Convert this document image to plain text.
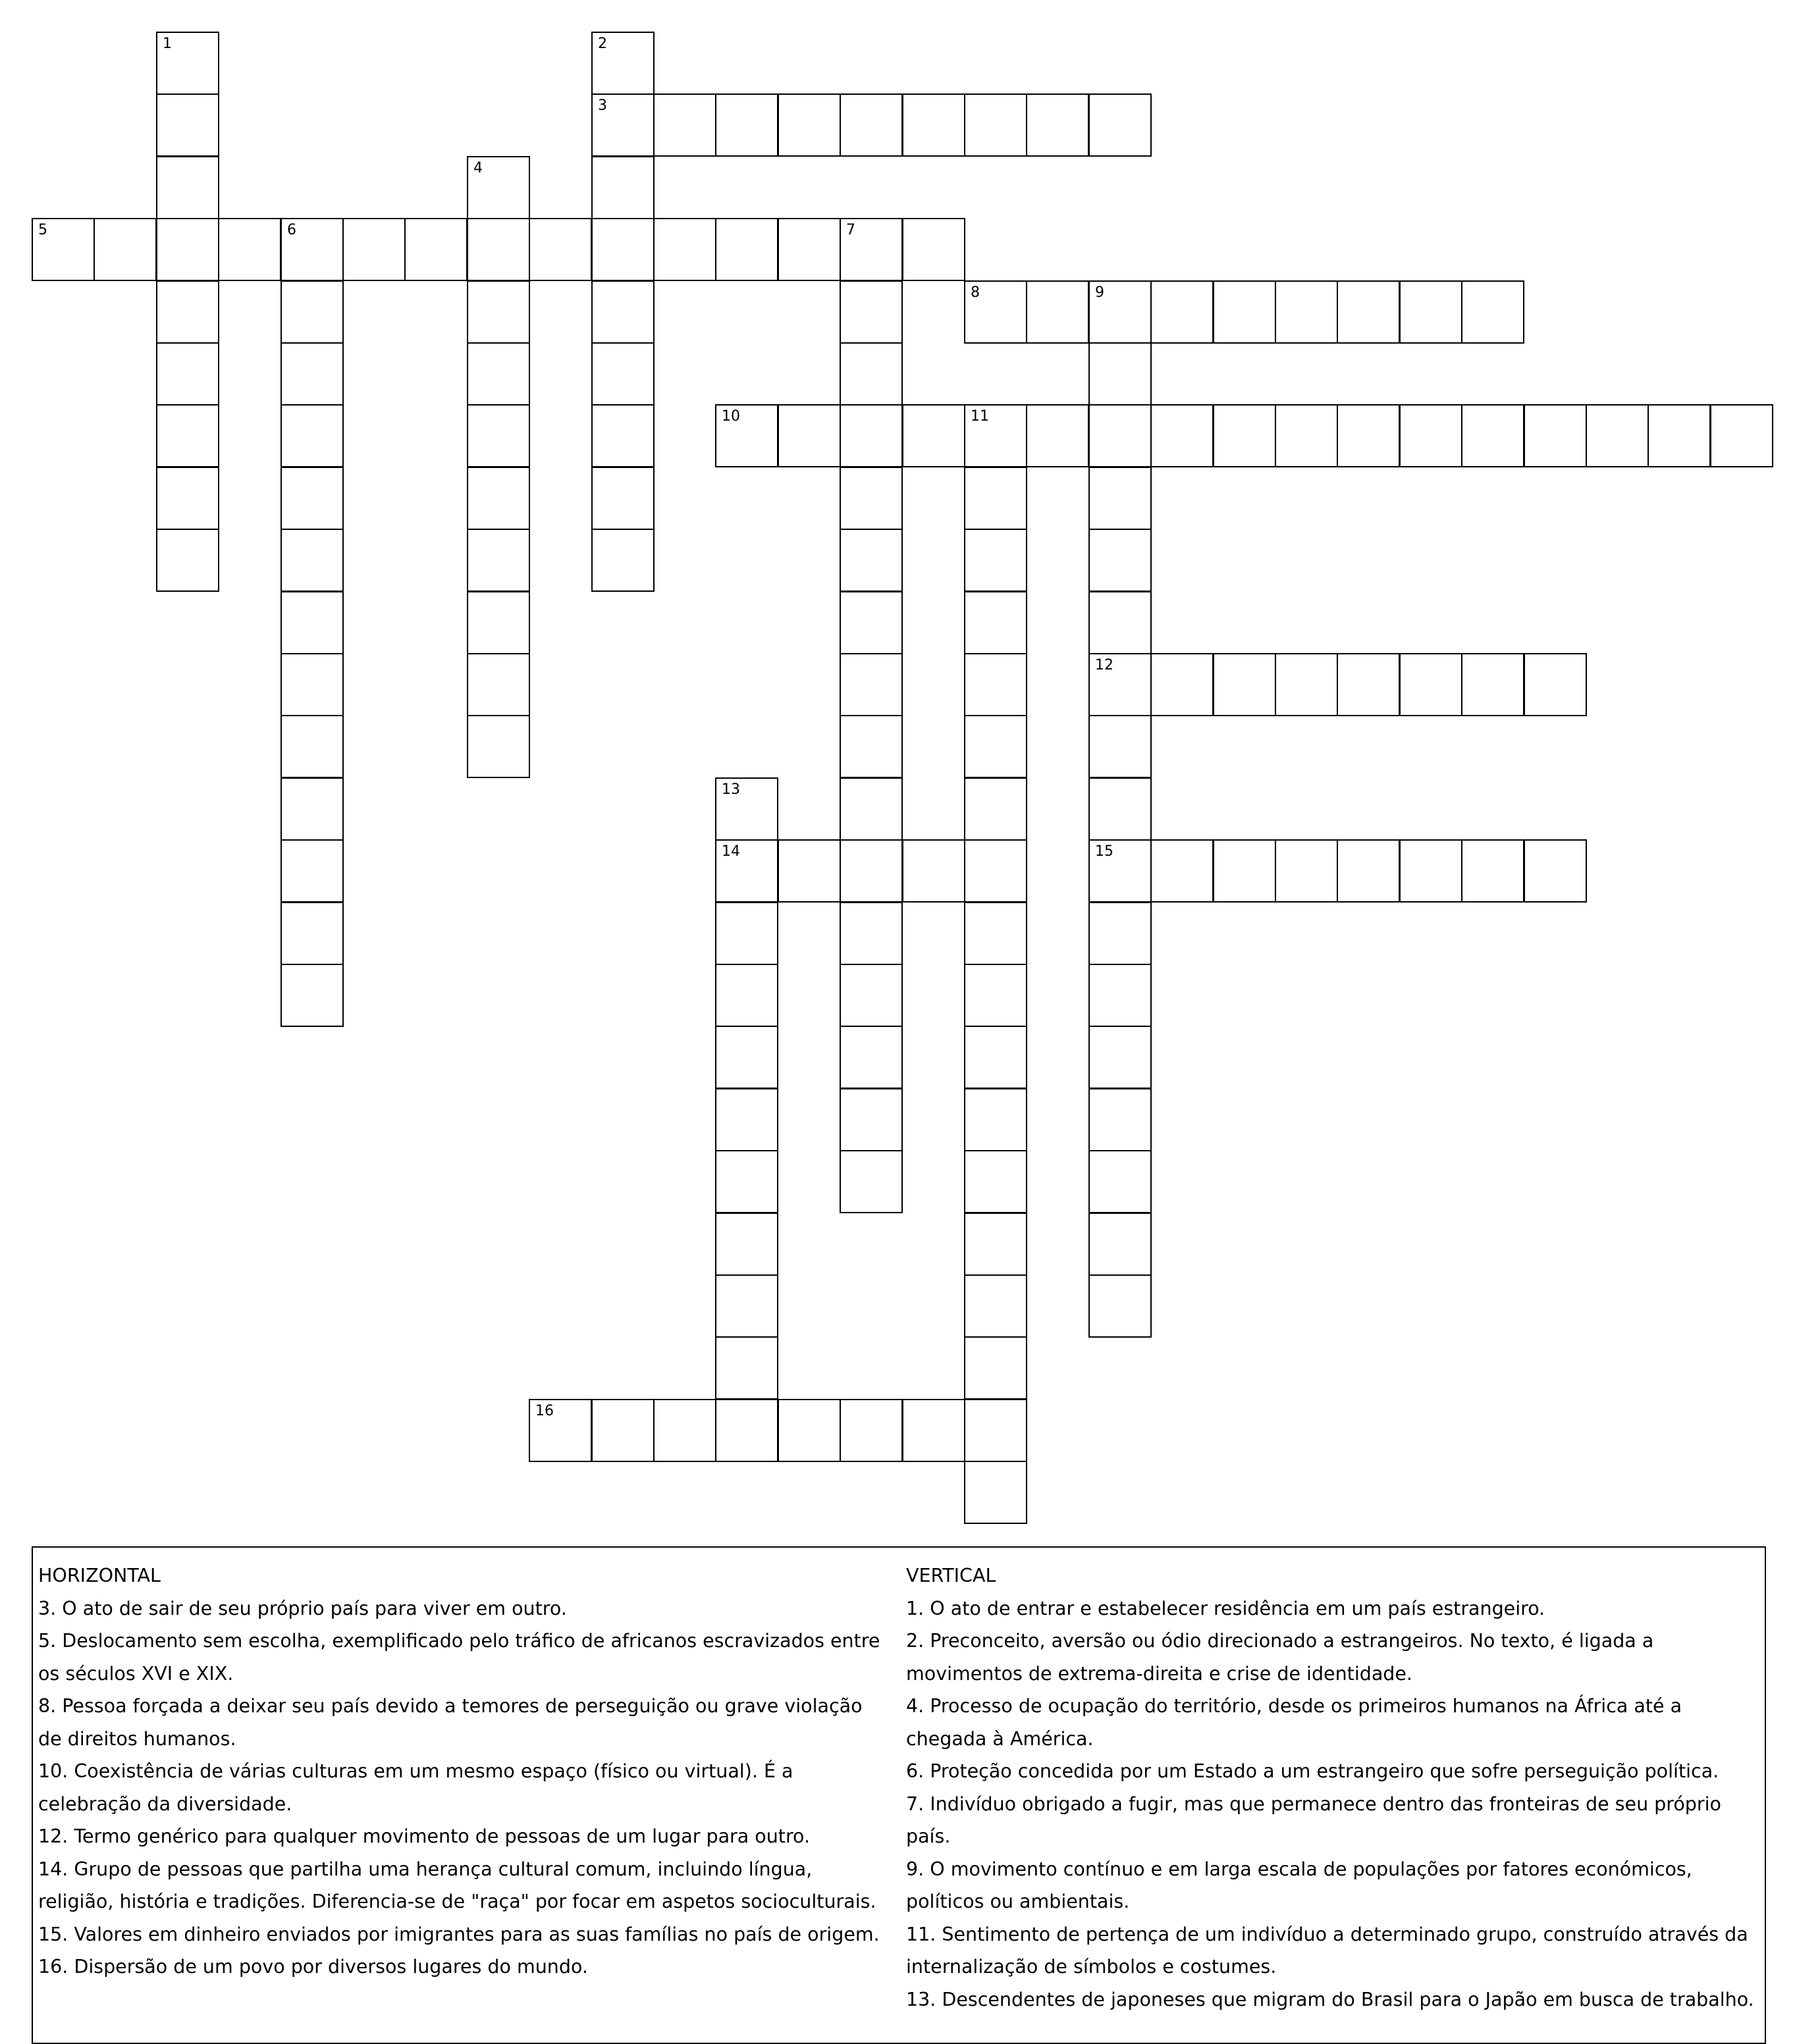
1	2
3
4
5	6	7
8	9
12
15
10	11
13
14
16
HORIZONTAL
3. O ato de sair de seu próprio país para viver em outro.
5. Deslocamento sem escolha, exemplificado pelo tráfico de africanos escravizados entre os séculos XVI e XIX.
8. Pessoa forçada a deixar seu país devido a temores de perseguição ou grave violação de direitos humanos.
10. Coexistência de várias culturas em um mesmo espaço (físico ou virtual). É a celebração da diversidade.
12. Termo genérico para qualquer movimento de pessoas de um lugar para outro.
14. Grupo de pessoas que partilha uma herança cultural comum, incluindo língua, religião, história e tradições. Diferencia-se de "raça" por focar em aspetos socioculturais.
15. Valores em dinheiro enviados por imigrantes para as suas famílias no país de origem.
16. Dispersão de um povo por diversos lugares do mundo.
VERTICAL
1. O ato de entrar e estabelecer residência em um país estrangeiro.
2. Preconceito, aversão ou ódio direcionado a estrangeiros. No texto, é ligada a movimentos de extrema-direita e crise de identidade.
4. Processo de ocupação do território, desde os primeiros humanos na África até a chegada à América.
6. Proteção concedida por um Estado a um estrangeiro que sofre perseguição política.
7. Indivíduo obrigado a fugir, mas que permanece dentro das fronteiras de seu próprio país.
9. O movimento contínuo e em larga escala de populações por fatores económicos, políticos ou ambientais.
11. Sentimento de pertença de um indivíduo a determinado grupo, construído através da internalização de símbolos e costumes.
13. Descendentes de japoneses que migram do Brasil para o Japão em busca de trabalho.
